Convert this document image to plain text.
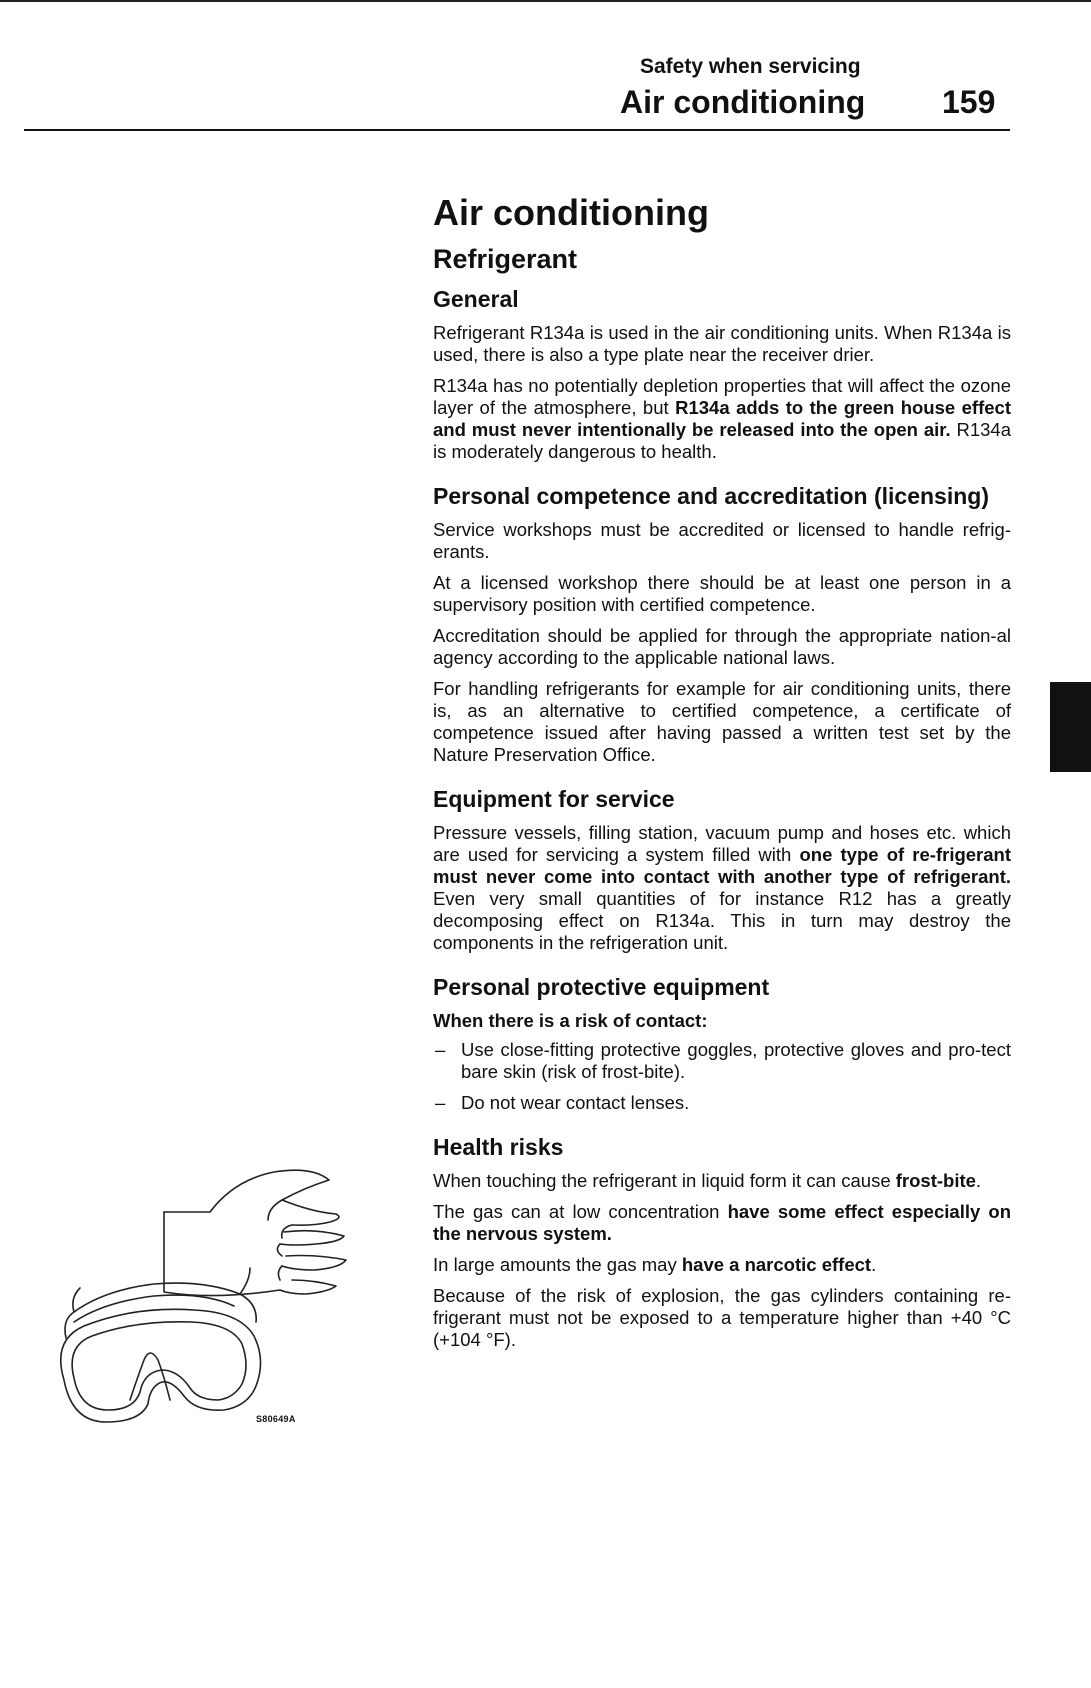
Safety when servicing
Air conditioning 159
Air conditioning
Refrigerant
General

Refrigerant R134a is used in the air conditioning units. When R134a is used, there is also a type plate near the receiver drier.

R134a has no potentially depletion properties that will affect the ozone layer of the atmosphere, but R134a adds to the green house effect and must never intentionally be released into the open air. R134a is moderately dangerous to health.

Personal competence and accreditation (licensing)

Service workshops must be accredited or licensed to handle refrig-erants.

At a licensed workshop there should be at least one person in a supervisory position with certified competence.

Accreditation should be applied for through the appropriate nation-al agency according to the applicable national laws.

For handling refrigerants for example for air conditioning units, there is, as an alternative to certified competence, a certificate of competence issued after having passed a written test set by the Nature Preservation Office.

Equipment for service

Pressure vessels, filling station, vacuum pump and hoses etc. which are used for servicing a system filled with one type of re-frigerant must never come into contact with another type of refrigerant. Even very small quantities of for instance R12 has a greatly decomposing effect on R134a. This in turn may destroy the components in the refrigeration unit.

Personal protective equipment
When there is a risk of contact:
– Use close-fitting protective goggles, protective gloves and pro-tect bare skin (risk of frost-bite).
– Do not wear contact lenses.
Health risks

When touching the refrigerant in liquid form it can cause frost-bite.

The gas can at low concentration have some effect especially on the nervous system.

In large amounts the gas may have a narcotic effect.

Because of the risk of explosion, the gas cylinders containing re-frigerant must not be exposed to a temperature higher than +40 °C (+104 °F).

S80649A
